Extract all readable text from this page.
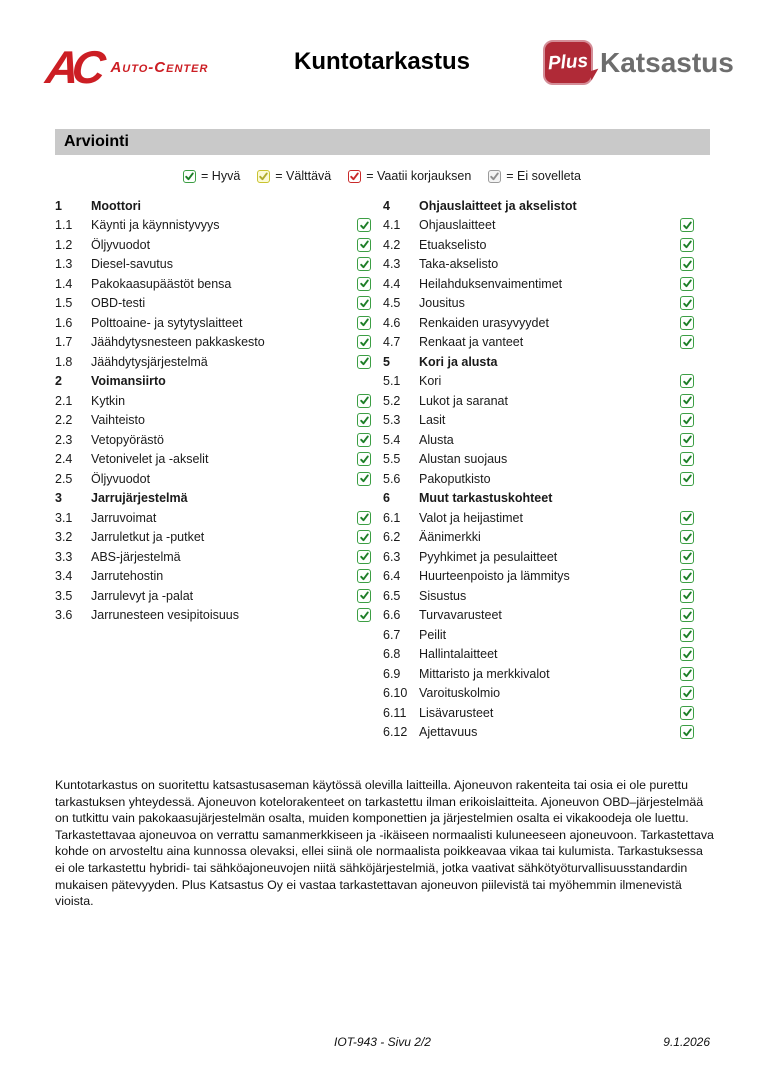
AC Auto-Center	Kuntotarkastus	Plus Katsastus
Arviointi
= Hyvä	= Välttävä	= Vaatii korjauksen	= Ei sovelleta
1	Moottori
1.1	Käynti ja käynnistyvyys
1.2	Öljyvuodot
1.3	Diesel-savutus
1.4	Pakokaasupäästöt bensa
1.5	OBD-testi
1.6	Polttoaine- ja sytytyslaitteet
1.7	Jäähdytysnesteen pakkaskesto
1.8	Jäähdytysjärjestelmä
2	Voimansiirto
2.1	Kytkin
2.2	Vaihteisto
2.3	Vetopyörästö
2.4	Vetonivelet ja -akselit
2.5	Öljyvuodot
3	Jarrujärjestelmä
3.1	Jarruvoimat
3.2	Jarruletkut ja -putket
3.3	ABS-järjestelmä
3.4	Jarrutehostin
3.5	Jarrulevyt ja -palat
3.6	Jarrunesteen vesipitoisuus
4	Ohjauslaitteet ja akselistot
4.1	Ohjauslaitteet
4.2	Etuakselisto
4.3	Taka-akselisto
4.4	Heilahduksenvaimentimet
4.5	Jousitus
4.6	Renkaiden urasyvyydet
4.7	Renkaat ja vanteet
5	Kori ja alusta
5.1	Kori
5.2	Lukot ja saranat
5.3	Lasit
5.4	Alusta
5.5	Alustan suojaus
5.6	Pakoputkisto
6	Muut tarkastuskohteet
6.1	Valot ja heijastimet
6.2	Äänimerkki
6.3	Pyyhkimet ja pesulaitteet
6.4	Huurteenpoisto ja lämmitys
6.5	Sisustus
6.6	Turvavarusteet
6.7	Peilit
6.8	Hallintalaitteet
6.9	Mittaristo ja merkkivalot
6.10 Varoituskolmio
6.11	Lisävarusteet
6.12 Ajettavuus
Kuntotarkastus on suoritettu katsastusaseman käytössä olevilla laitteilla. Ajoneuvon rakenteita tai osia ei ole purettu tarkastuksen yhteydessä. Ajoneuvon kotelorakenteet on tarkastettu ilman erikoislaitteita. Ajoneuvon OBD–järjestelmää on tutkittu vain pakokaasujärjestelmän osalta, muiden komponettien ja järjestelmien osalta ei vikakoodeja ole luettu. Tarkastettavaa ajoneuvoa on verrattu samanmerkkiseen ja -ikäiseen normaalisti kuluneeseen ajoneuvoon. Tarkastettava kohde on arvosteltu aina kunnossa olevaksi, ellei siinä ole normaalista poikkeavaa vikaa tai kulumista. Tarkastuksessa ei ole tarkastettu hybridi- tai sähköajoneuvojen niitä sähköjärjestelmiä, jotka vaativat sähkötyöturvallisuusstandardin mukaisen pätevyyden. Plus Katsastus Oy ei vastaa tarkastettavan ajoneuvon piilevistä tai myöhemmin ilmenevistä vioista.
IOT-943 - Sivu 2/2	9.1.2026
